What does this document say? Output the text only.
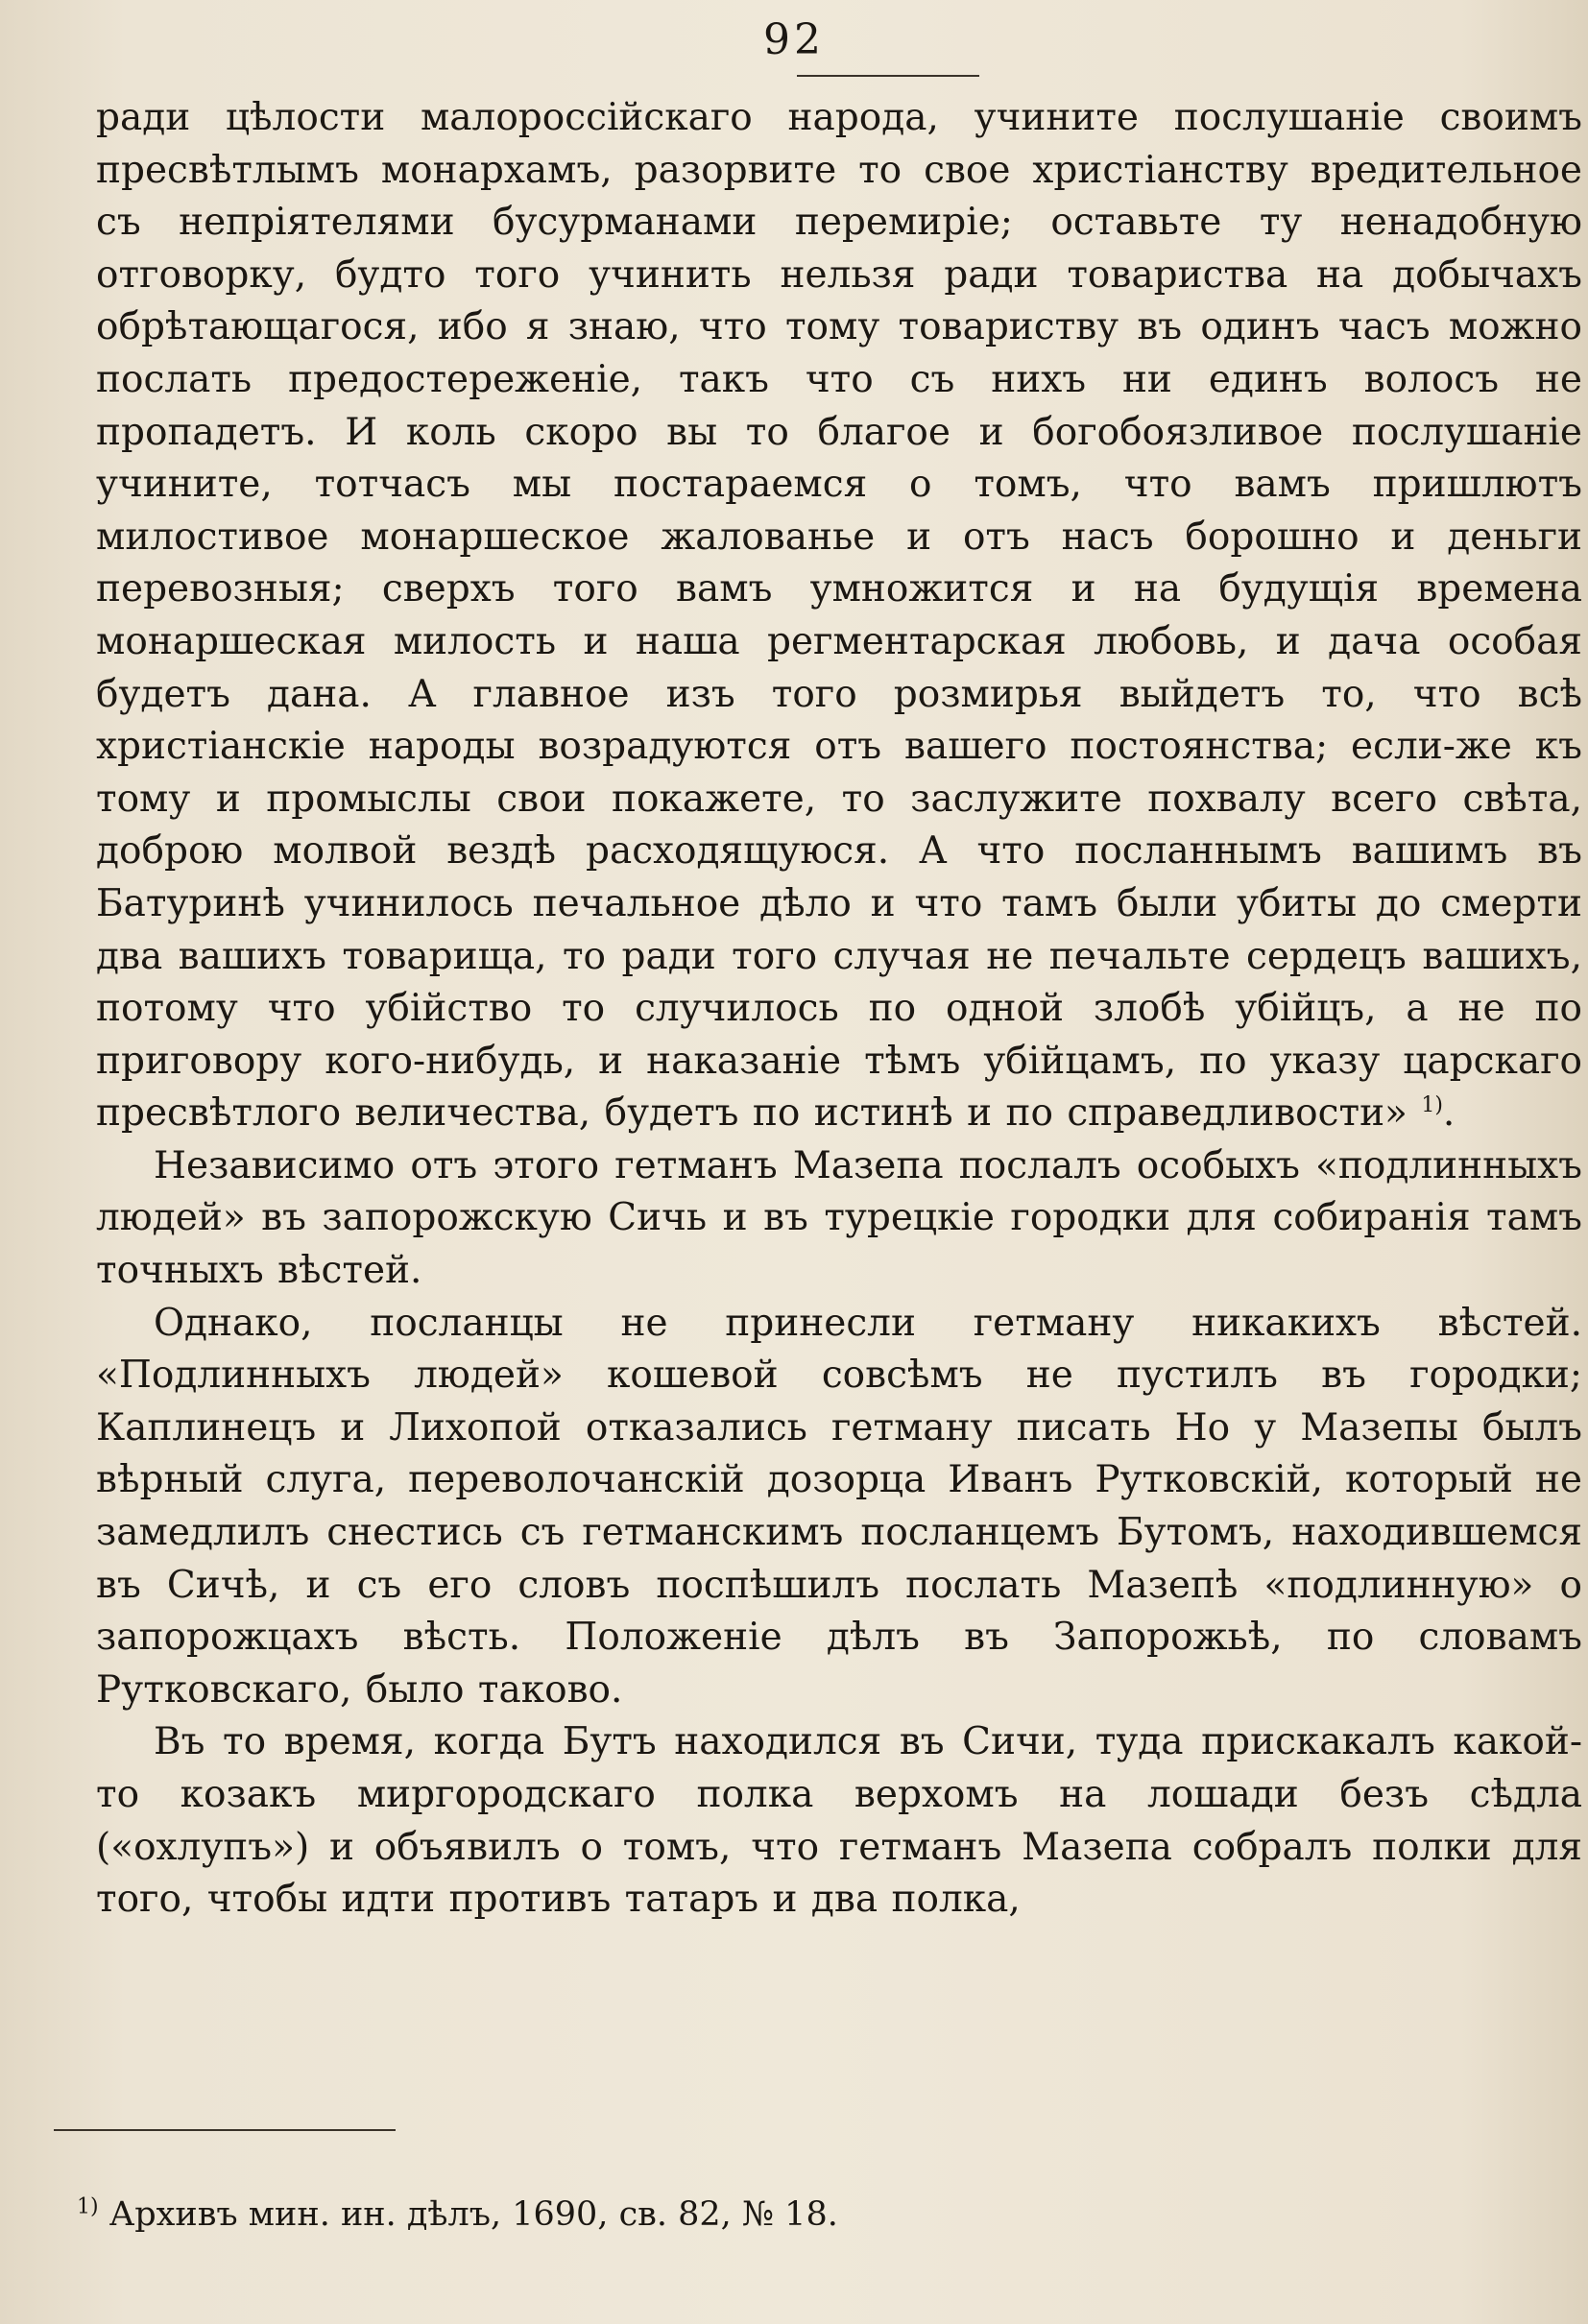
92

ради цѣлости малороссійскаго народа, учините послушаніе своимъ пресвѣтлымъ монархамъ, разорвите то свое христіанству вредительное съ непріятелями бусурманами перемиріе; оставьте ту ненадобную отговорку, будто того учинить нельзя ради товариства на добычахъ обрѣтающагося, ибо я знаю, что тому товариству въ одинъ часъ можно послать предостереженіе, такъ что съ нихъ ни единъ волосъ не пропадетъ. И коль скоро вы то благое и богобоязливое послушаніе учините, тотчасъ мы постараемся о томъ, что вамъ пришлютъ милостивое монаршеское жалованье и отъ насъ борошно и деньги перевозныя; сверхъ того вамъ умножится и на будущія времена монаршеская милость и наша регментарская любовь, и дача особая будетъ дана. А главное изъ того розмирья выйдетъ то, что всѣ христіанскіе народы возрадуются отъ вашего постоянства; если-же къ тому и промыслы свои покажете, то заслужите похвалу всего свѣта, доброю молвой вездѣ расходящуюся. А что посланнымъ вашимъ въ Батуринѣ учинилось печальное дѣло и что тамъ были убиты до смерти два вашихъ товарища, то ради того случая не печальте сердецъ вашихъ, потому что убійство то случилось по одной злобѣ убійцъ, а не по приговору кого-нибудь, и наказаніе тѣмъ убійцамъ, по указу царскаго пресвѣтлого величества, будетъ по истинѣ и по справедливости» $^{1)}$.

Независимо отъ этого гетманъ Мазепа послалъ особыхъ «подлинныхъ людей» въ запорожскую Сичь и въ турецкіе городки для собиранія тамъ точныхъ вѣстей.

Однако, посланцы не принесли гетману никакихъ вѣстей. «Подлинныхъ людей» кошевой совсѣмъ не пустилъ въ городки; Каплинецъ и Лихопой отказались гетману писать Но у Мазепы былъ вѣрный слуга, переволочанскій дозорца Иванъ Рутковскій, который не замедлилъ снестись съ гетманскимъ посланцемъ Бутомъ, находившемся въ Сичѣ, и съ его словъ поспѣшилъ послать Мазепѣ «подлинную» о запорожцахъ вѣсть. Положеніе дѣлъ въ Запорожьѣ, по словамъ Рутковскаго, было таково.

Въ то время, когда Бутъ находился въ Сичи, туда прискакалъ какой-то козакъ миргородскаго полка верхомъ на лошади безъ сѣдла («охлупъ») и объявилъ о томъ, что гетманъ Мазепа собралъ полки для того, чтобы идти противъ татаръ и два полка,

$^{1)}$ Архивъ мин. ин. дѣлъ, 1690, св. 82, № 18.
